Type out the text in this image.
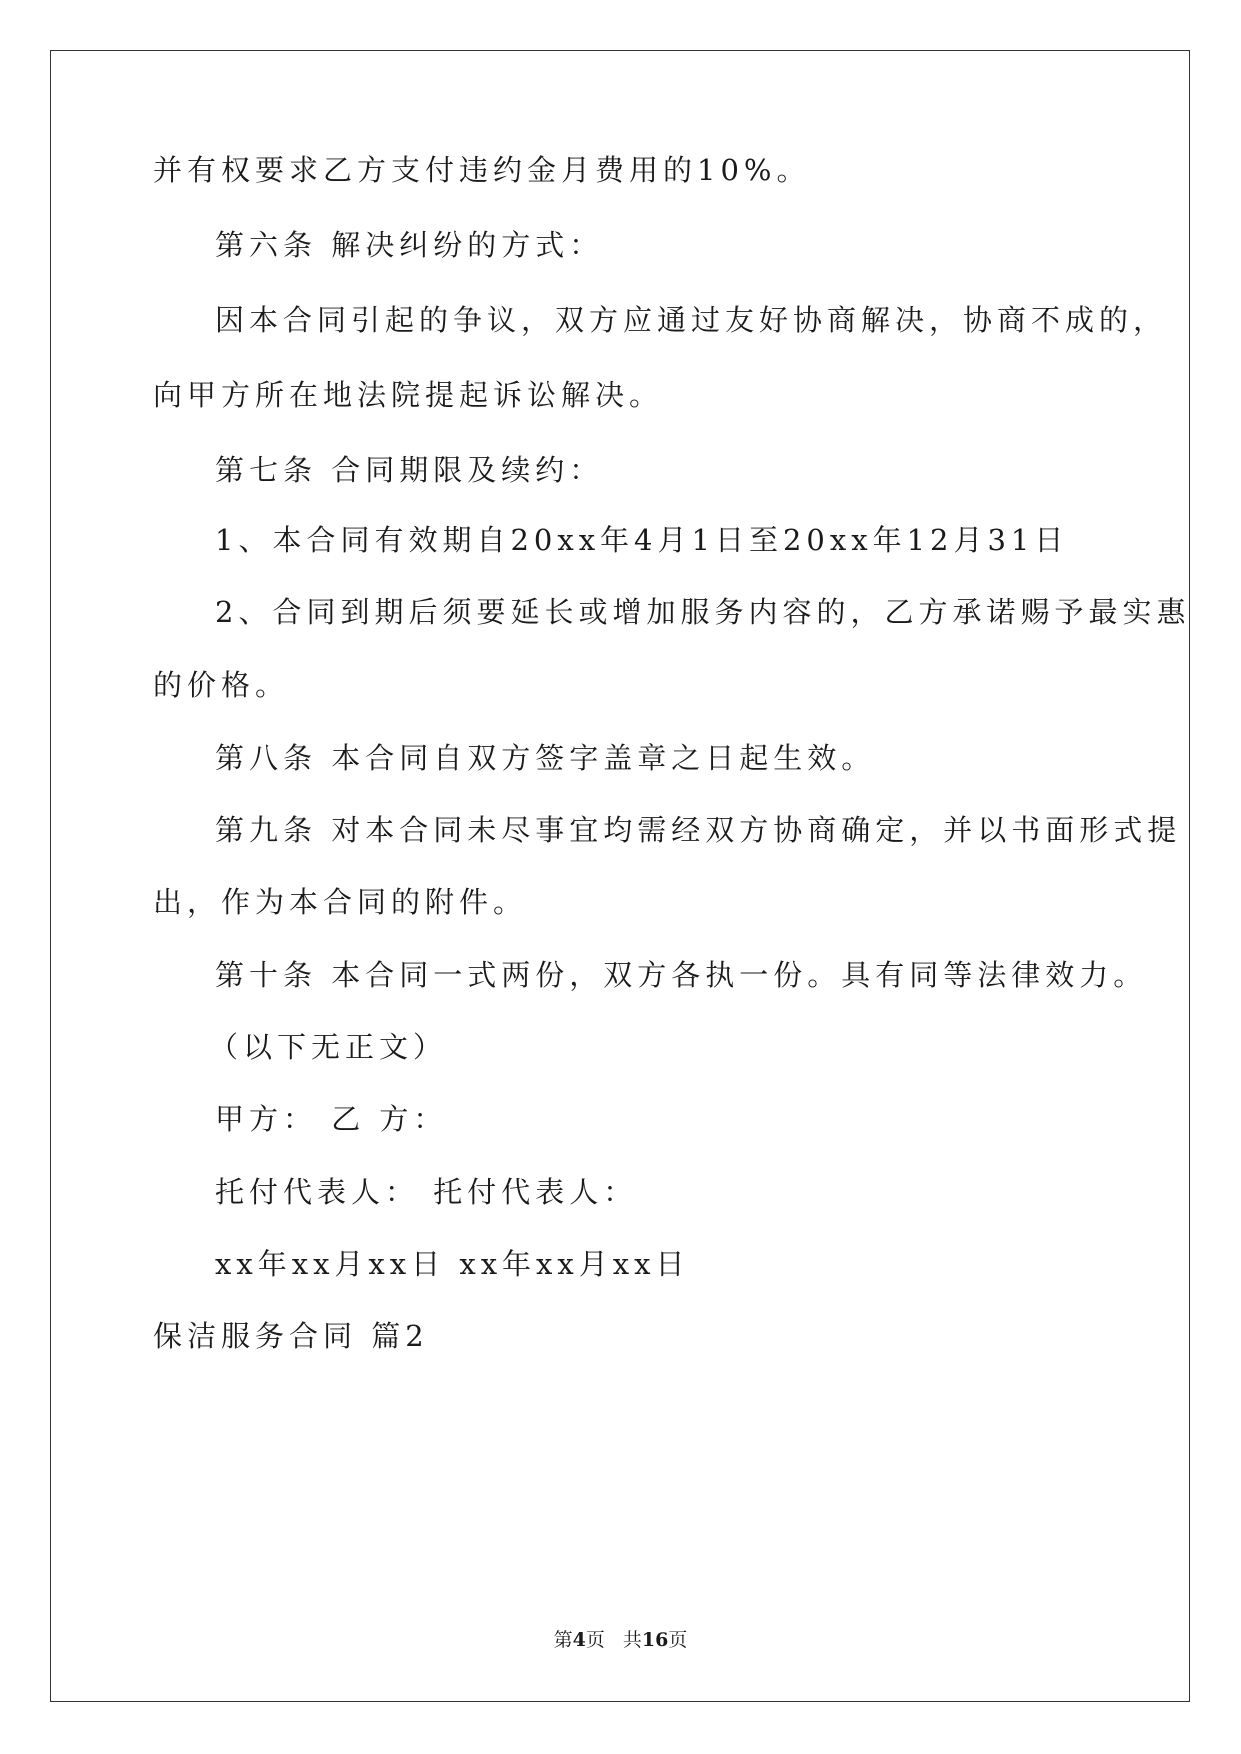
并有权要求乙方支付违约金月费用的10%。
第六条 解决纠纷的方式：
因本合同引起的争议，双方应通过友好协商解决，协商不成的，
向甲方所在地法院提起诉讼解决。
第七条 合同期限及续约：
1、本合同有效期自20xx年4月1日至20xx年12月31日
2、合同到期后须要延长或增加服务内容的，乙方承诺赐予最实惠
的价格。
第八条 本合同自双方签字盖章之日起生效。
第九条 对本合同未尽事宜均需经双方协商确定，并以书面形式提
出，作为本合同的附件。
第十条 本合同一式两份，双方各执一份。具有同等法律效力。
（以下无正文）
甲方： 乙 方：
托付代表人： 托付代表人：
xx年xx月xx日 xx年xx月xx日
保洁服务合同 篇2
第4页 共16页
